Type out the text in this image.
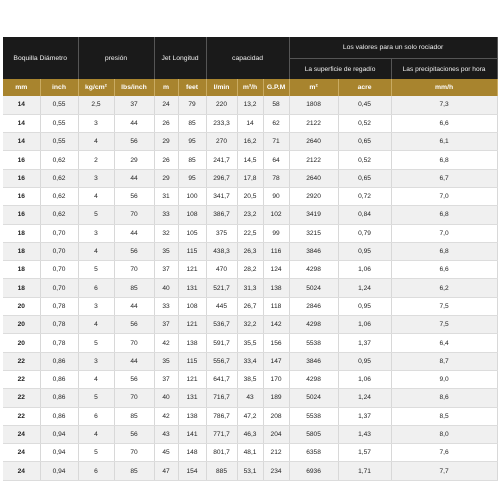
Boquilla Diámetro		presión		Jet Longitud		capacidad			Los valores para un solo rociador		
									La superficie de regadío		Las precipitaciones por hora
mm	inch	kg/cm²	lbs/inch	m	feet	l/min	m³/h	G.P.M	m²	acre	mm/h
14	0,55	2,5	37	24	79	220	13,2	58	1808	0,45	7,3
14	0,55	3	44	26	85	233,3	14	62	2122	0,52	6,6
14	0,55	4	56	29	95	270	16,2	71	2640	0,65	6,1
16	0,62	2	29	26	85	241,7	14,5	64	2122	0,52	6,8
16	0,62	3	44	29	95	296,7	17,8	78	2640	0,65	6,7
16	0,62	4	56	31	100	341,7	20,5	90	2920	0,72	7,0
16	0,62	5	70	33	108	386,7	23,2	102	3419	0,84	6,8
18	0,70	3	44	32	105	375	22,5	99	3215	0,79	7,0
18	0,70	4	56	35	115	438,3	26,3	116	3846	0,95	6,8
18	0,70	5	70	37	121	470	28,2	124	4298	1,06	6,6
18	0,70	6	85	40	131	521,7	31,3	138	5024	1,24	6,2
20	0,78	3	44	33	108	445	26,7	118	2846	0,95	7,5
20	0,78	4	56	37	121	536,7	32,2	142	4298	1,06	7,5
20	0,78	5	70	42	138	591,7	35,5	156	5538	1,37	6,4
22	0,86	3	44	35	115	556,7	33,4	147	3846	0,95	8,7
22	0,86	4	56	37	121	641,7	38,5	170	4298	1,06	9,0
22	0,86	5	70	40	131	716,7	43	189	5024	1,24	8,6
22	0,86	6	85	42	138	786,7	47,2	208	5538	1,37	8,5
24	0,94	4	56	43	141	771,7	46,3	204	5805	1,43	8,0
24	0,94	5	70	45	148	801,7	48,1	212	6358	1,57	7,6
24	0,94	6	85	47	154	885	53,1	234	6936	1,71	7,7
